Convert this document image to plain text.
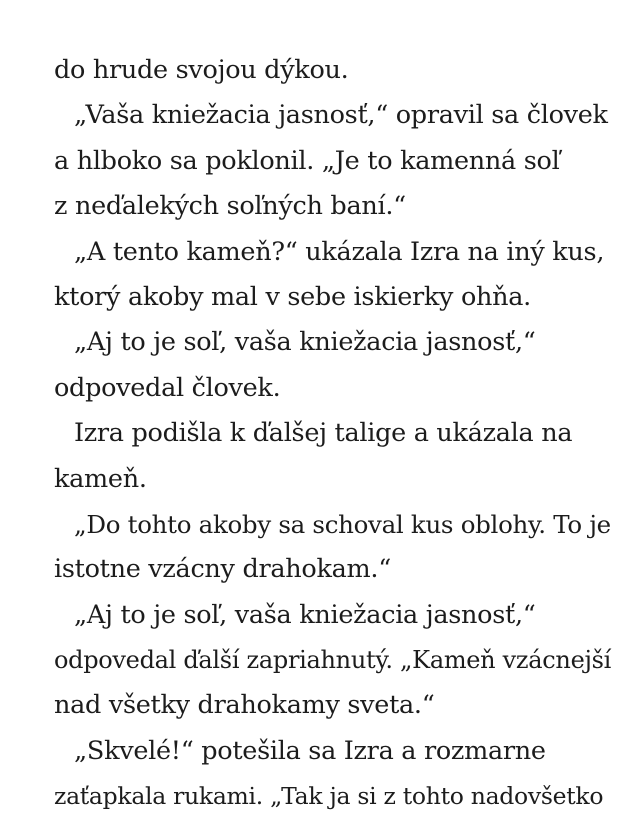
do hrude svojou dýkou.
„Vaša kniežacia jasnosť,“ opravil sa človek
a hlboko sa poklonil. „Je to kamenná soľ
z neďalekých soľných baní.“
„A tento kameň?“ ukázala Izra na iný kus,
ktorý akoby mal v sebe iskierky ohňa.
„Aj to je soľ, vaša kniežacia jasnosť,“
odpovedal človek.
Izra podišla k ďalšej talige a ukázala na
kameň.
„Do tohto akoby sa schoval kus oblohy. To je
istotne vzácny drahokam.“
„Aj to je soľ, vaša kniežacia jasnosť,“
odpovedal ďalší zapriahnutý. „Kameň vzácnejší
nad všetky drahokamy sveta.“
„Skvelé!“ potešila sa Izra a rozmarne
zaťapkala rukami. „Tak ja si z tohto nadovšetko
